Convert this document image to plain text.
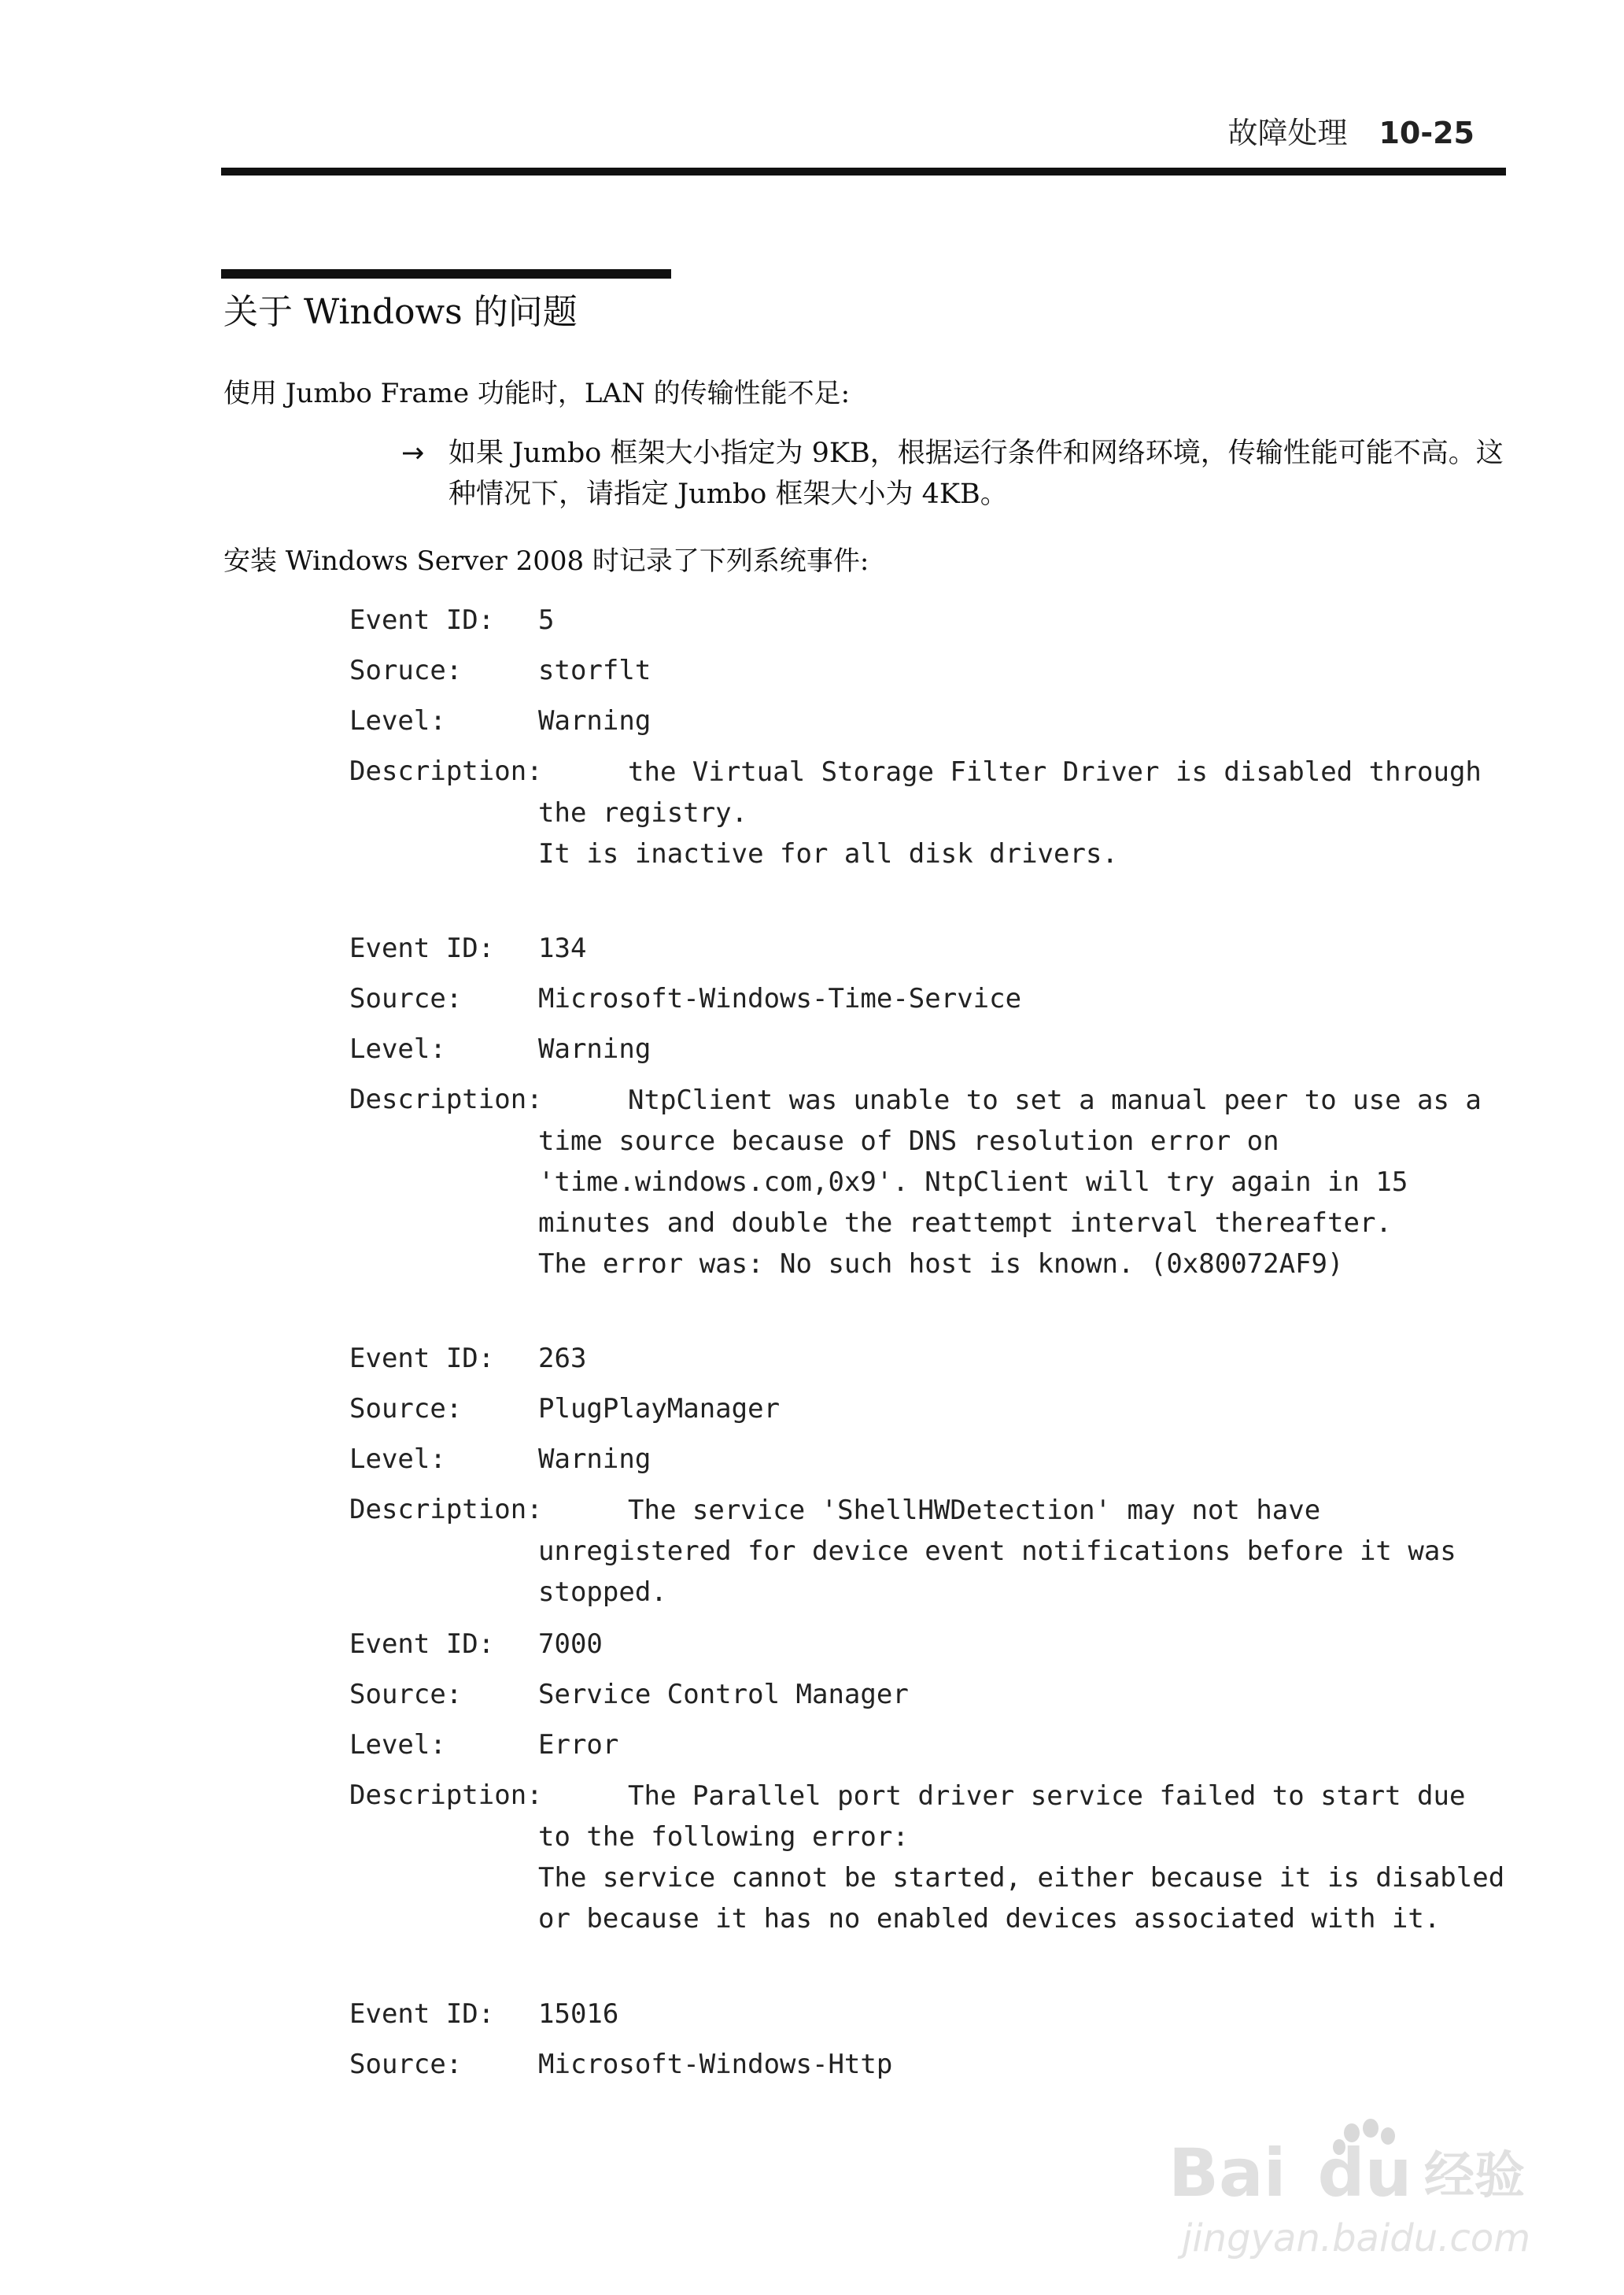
故障处理 10-25
关于 Windows 的问题
使用 Jumbo Frame 功能时，LAN 的传输性能不足:
→ 如果 Jumbo 框架大小指定为 9KB，根据运行条件和网络环境，传输性能可能不高。这种情况下，请指定 Jumbo 框架大小为 4KB。
安装 Windows Server 2008 时记录了下列系统事件:
Event ID: 5
Soruce:	storflt
Level:	Warning
Description:	the Virtual Storage Filter Driver is disabled through the registry.
It is inactive for all disk drivers.
Event ID: 134
Source:	Microsoft-Windows-Time-Service
Level:	Warning
Description:	NtpClient was unable to set a manual peer to use as a time source because of DNS resolution error on 'time.windows.com,0x9'. NtpClient will try again in 15 minutes and double the reattempt interval thereafter.
The error was: No such host is known. (0x80072AF9)
Event ID: 263
Source:	PlugPlayManager
Level:	Warning
Description:	The service 'ShellHWDetection' may not have unregistered for device event notifications before it was stopped.
Event ID: 7000
Source:	Service Control Manager
Level:	Error
Description:	The Parallel port driver service failed to start due to the following error:
The service cannot be started, either because it is disabled or because it has no enabled devices associated with it.
Event ID: 15016
Source:	Microsoft-Windows-Http
Bai du 经验
jingyan.baidu.com
